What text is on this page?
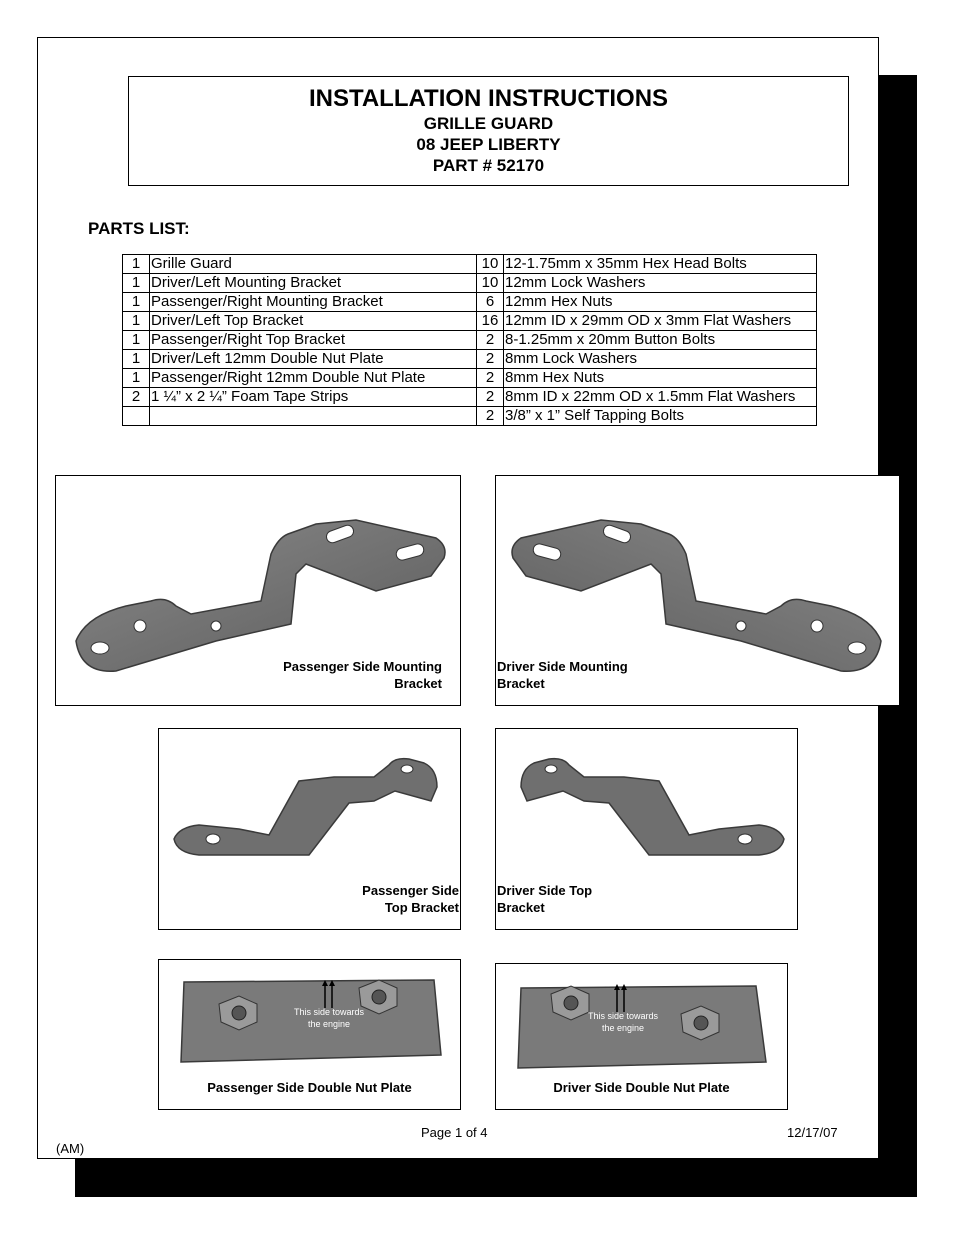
INSTALLATION INSTRUCTIONS
GRILLE GUARD
08 JEEP LIBERTY
PART # 52170
PARTS LIST:
1	Grille Guard	10	12-1.75mm x 35mm Hex Head Bolts
1	Driver/Left Mounting Bracket	10	12mm Lock Washers
1	Passenger/Right Mounting Bracket	6	12mm Hex Nuts
1	Driver/Left Top Bracket	16	12mm ID x 29mm OD x 3mm Flat Washers
1	Passenger/Right Top Bracket	2	8-1.25mm x 20mm Button Bolts
1	Driver/Left 12mm Double Nut Plate	2	8mm Lock Washers
1	Passenger/Right 12mm Double Nut Plate	2	8mm Hex Nuts
2	1 ¼” x 2 ¼” Foam Tape Strips	2	8mm ID x 22mm OD x 1.5mm Flat Washers
		2	3/8” x 1” Self Tapping Bolts
Passenger Side Mounting
Bracket
Driver Side Mounting
Bracket
Passenger Side
Top Bracket
Driver Side Top
Bracket
This side towards
the engine
Passenger Side Double Nut Plate
This side towards
the engine
Driver Side Double Nut Plate
Page 1 of 4	12/17/07
(AM)
